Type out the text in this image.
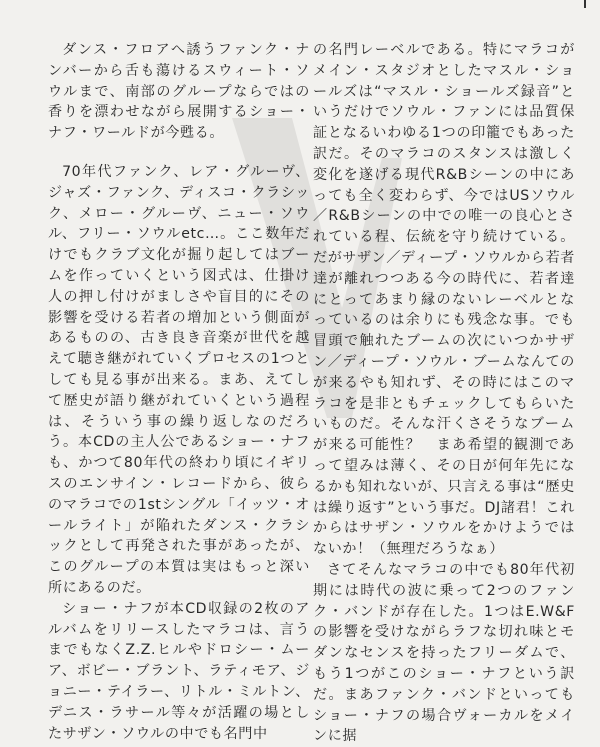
ダンス・フロアへ誘うファンク・ナンバーから舌も蕩けるスウィート・ソウルまで、南部のグループならではの香りを漂わせながら展開するショー・ナフ・ワールドが今甦る。

70年代ファンク、レア・グルーヴ、ジャズ・ファンク、ディスコ・クラシック、メロー・グルーヴ、ニュー・ソウル、フリー・ソウルetc…。ここ数年だけでもクラブ文化が掘り起してはブームを作っていくという図式は、仕掛け人の押し付けがましさや盲目的にその影響を受ける若者の増加という側面があるものの、古き良き音楽が世代を越えて聴き継がれていくプロセスの1つとしても見る事が出来る。まあ、えてして歴史が語り継がれていくという過程は、そういう事の繰り返しなのだろう。本CDの主人公であるショー・ナフも、かつて80年代の終わり頃にイギリスのエンサイン・レコードから、彼らのマラコでの1stシングル「イッツ・オールライト」が陥れたダンス・クラシックとして再発された事があったが、このグループの本質は実はもっと深い所にあるのだ。

ショー・ナフが本CD収録の2枚のアルバムをリリースしたマラコは、言うまでもなくZ.Z.ヒルやドロシー・ムーア、ボビー・ブラント、ラティモア、ジョニー・テイラー、リトル・ミルトン、デニス・ラサール等々が活躍の場としたサザン・ソウルの中でも名門中

の名門レーベルである。特にマラコがメイン・スタジオとしたマスル・ショールズは“マスル・ショールズ録音”というだけでソウル・ファンには品質保証となるいわゆる1つの印籠でもあった訳だ。そのマラコのスタンスは激しく変化を遂げる現代R&Bシーンの中にあっても全く変わらず、今ではUSソウル／R&Bシーンの中での唯一の良心とされている程、伝統を守り続けている。だがサザン／ディープ・ソウルから若者達が離れつつある今の時代に、若者達にとってあまり縁のないレーベルとなっているのは余りにも残念な事。でも冒頭で触れたブームの次にいつかサザン／ディープ・ソウル・ブームなんてのが来るやも知れず、その時にはこのマラコを是非ともチェックしてもらいたいものだ。そんな汗くさそうなブームが来る可能性？　まあ希望的観測であって望みは薄く、その日が何年先になるかも知れないが、只言える事は“歴史は繰り返す”という事だ。DJ諸君！これからはサザン・ソウルをかけようではないか！（無理だろうなぁ）

さてそんなマラコの中でも80年代初期には時代の波に乗って2つのファンク・バンドが存在した。1つはE.W&Fの影響を受けながらラフな切れ味とモダンなセンスを持ったフリーダムで、もう1つがこのショー・ナフという訳だ。まあファンク・バンドといってもショー・ナフの場合ヴォーカルをメインに据
